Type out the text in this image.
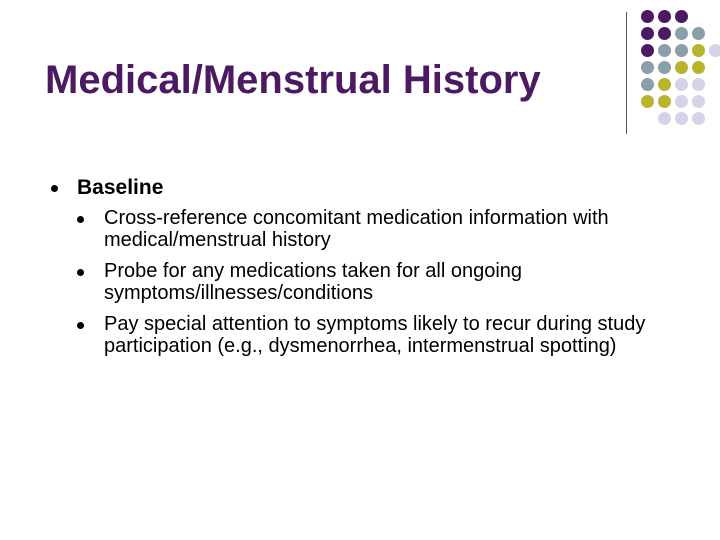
Medical/Menstrual History
Baseline
Cross-reference concomitant medication information with medical/menstrual history
Probe for any medications taken for all ongoing symptoms/illnesses/conditions
Pay special attention to symptoms likely to recur during study participation (e.g., dysmenorrhea, intermenstrual spotting)
